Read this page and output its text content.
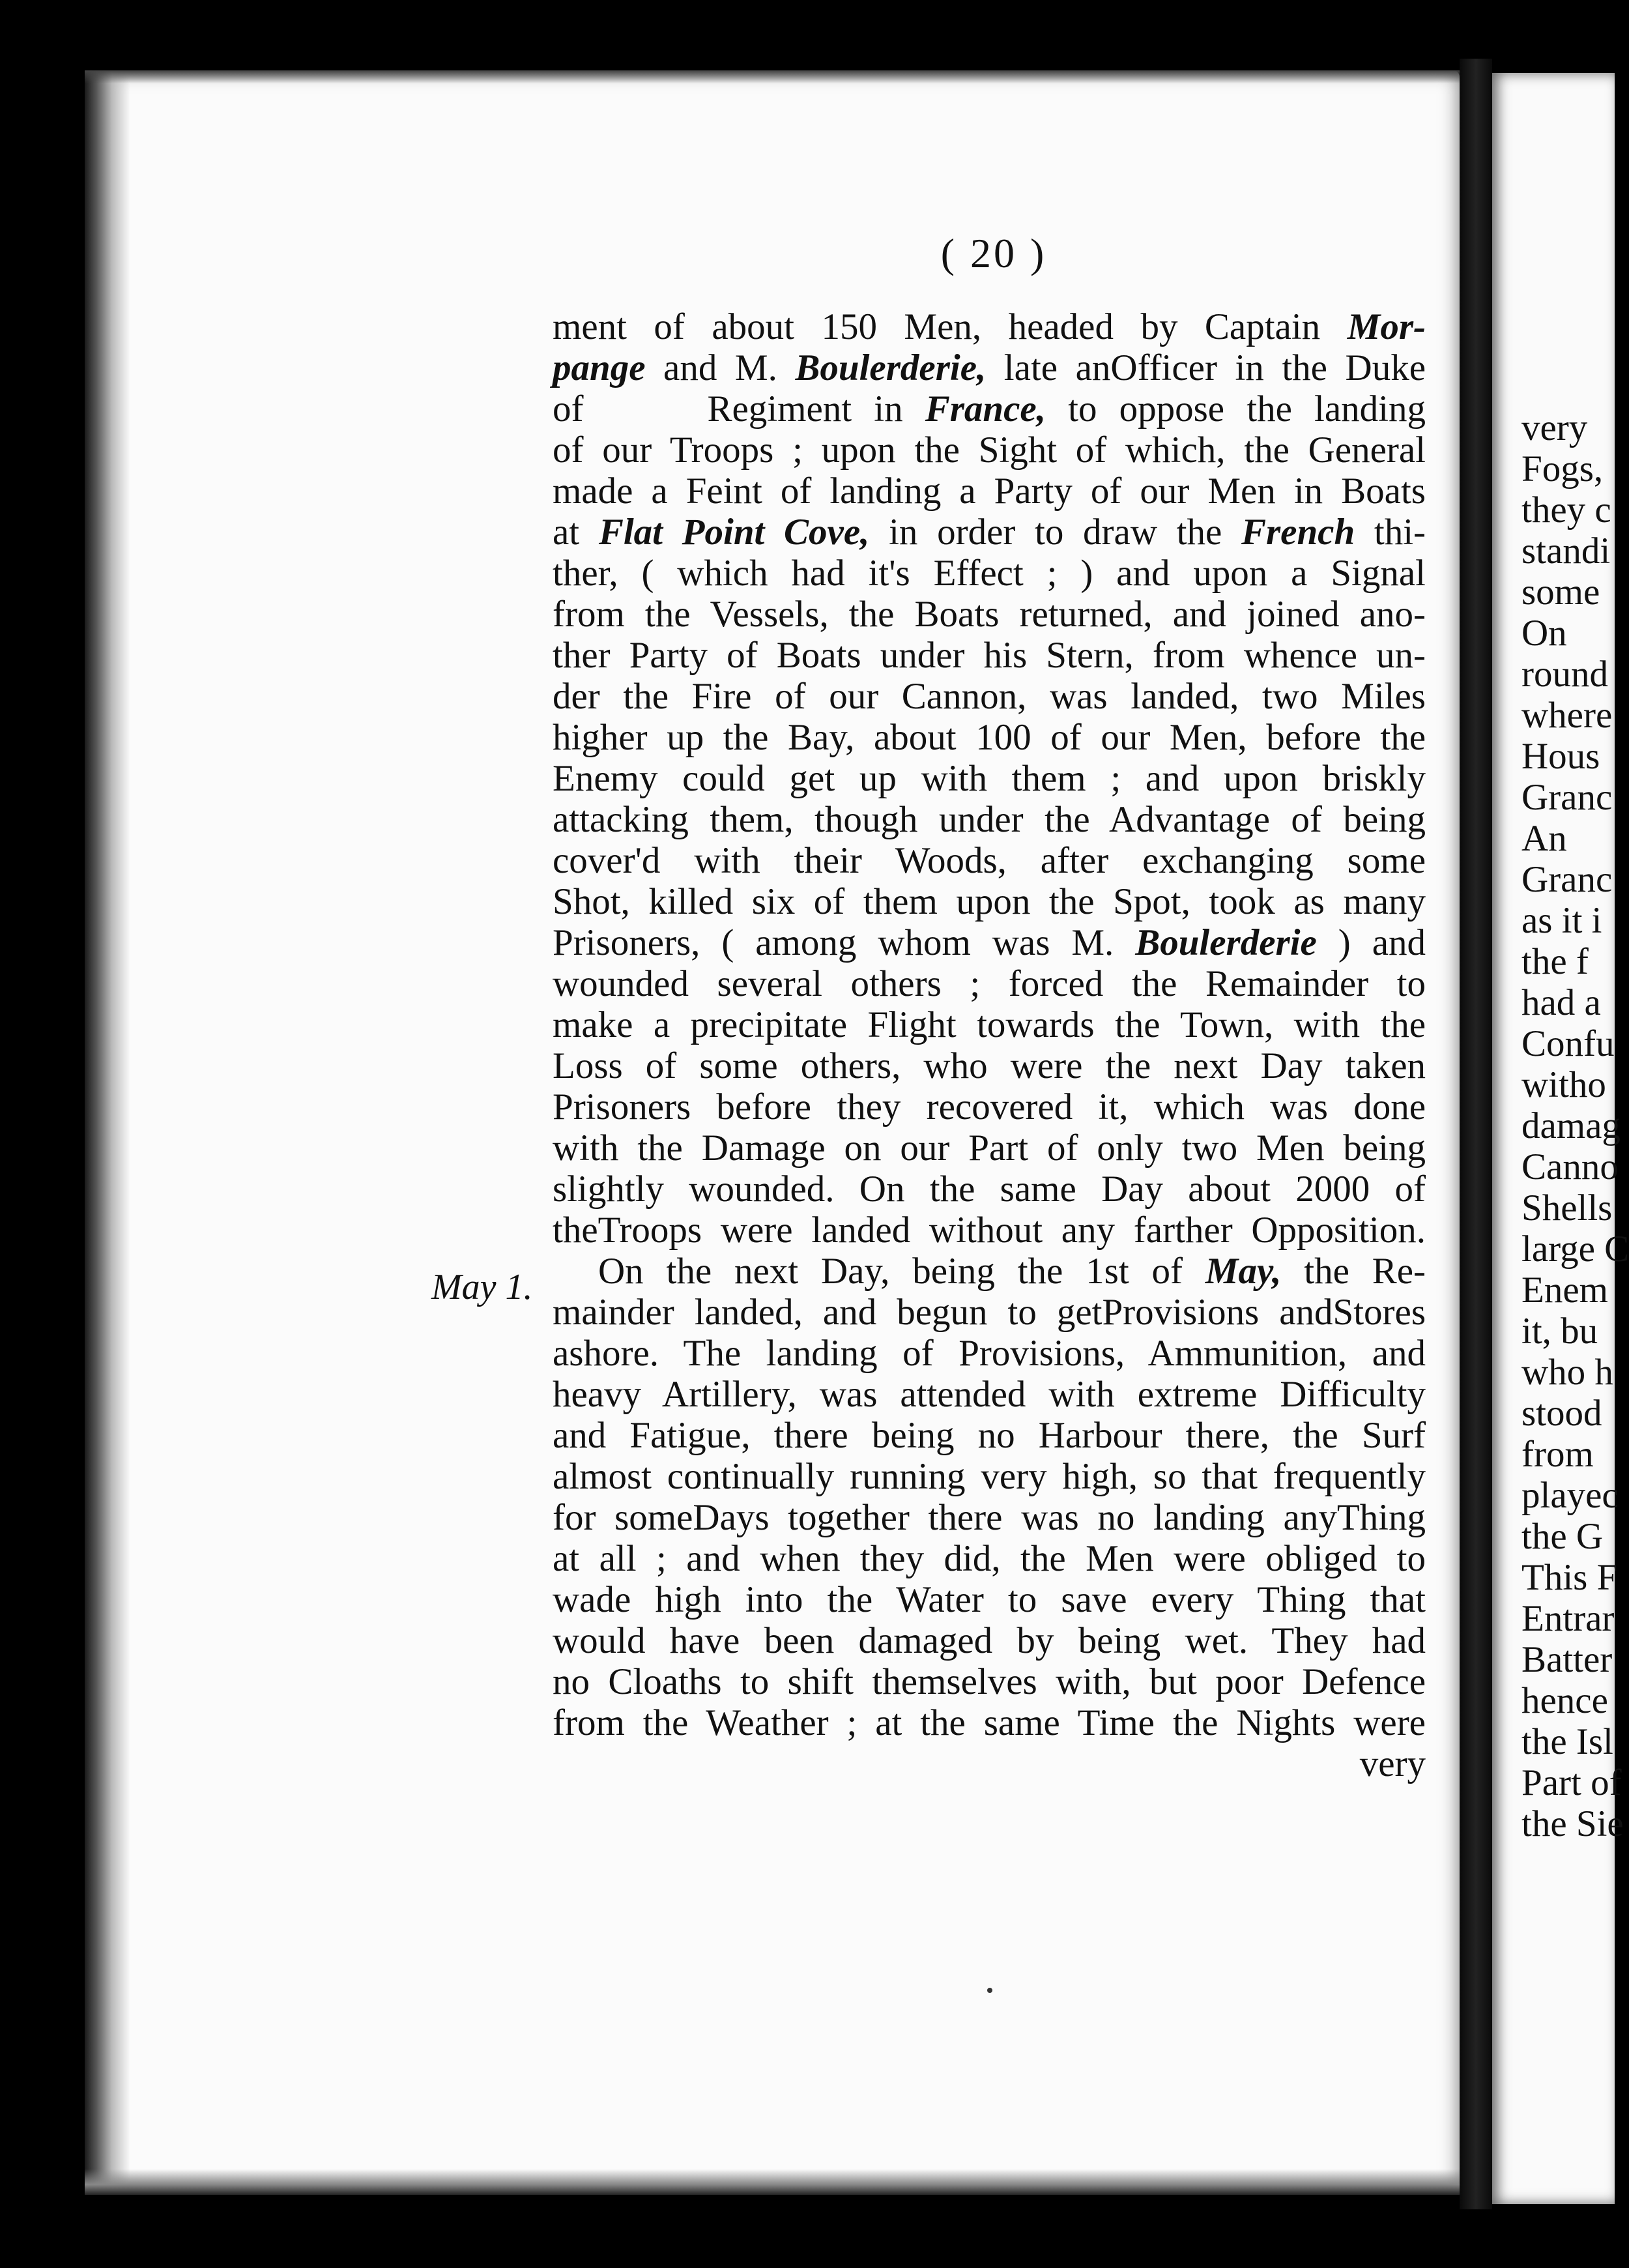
very
Fogs,
they c
standi
some
On
round
where
Hous
Granc
An
Granc
as it i
the f
had a
Confu
witho
damag
Canno
Shells
large C
Enem
it, bu
who h
stood
from
playec
the G
This F
Entrar
Batter
hence
the Isl
Part of
the Sie
( 20 )
May 1.
ment of about 150 Men, headed by Captain Mor-
pange and M. Boulerderie, late anOfficer in the Duke
of	Regiment in France, to oppose the landing
of our Troops ; upon the Sight of which, the General
made a Feint of landing a Party of our Men in Boats
at Flat Point Cove, in order to draw the French thi-
ther, ( which had it's Effect ; ) and upon a Signal
from the Vessels, the Boats returned, and joined ano-
ther Party of Boats under his Stern, from whence un-
der the Fire of our Cannon, was landed, two Miles
higher up the Bay, about 100 of our Men, before the
Enemy could get up with them ; and upon briskly
attacking them, though under the Advantage of being
cover'd with their Woods, after exchanging some
Shot, killed six of them upon the Spot, took as many
Prisoners, ( among whom was M. Boulerderie ) and
wounded several others ; forced the Remainder to
make a precipitate Flight towards the Town, with the
Loss of some others, who were the next Day taken
Prisoners before they recovered it, which was done
with the Damage on our Part of only two Men being
slightly wounded. On the same Day about 2000 of
theTroops were landed without any farther Opposition.
On the next Day, being the 1st of May, the Re-
mainder landed, and begun to getProvisions andStores
ashore. The landing of Provisions, Ammunition, and
heavy Artillery, was attended with extreme Difficulty
and Fatigue, there being no Harbour there, the Surf
almost continually running very high, so that frequently
for someDays together there was no landing anyThing
at all ; and when they did, the Men were obliged to
wade high into the Water to save every Thing that
would have been damaged by being wet. They had
no Cloaths to shift themselves with, but poor Defence
from the Weather ; at the same Time the Nights were
very
